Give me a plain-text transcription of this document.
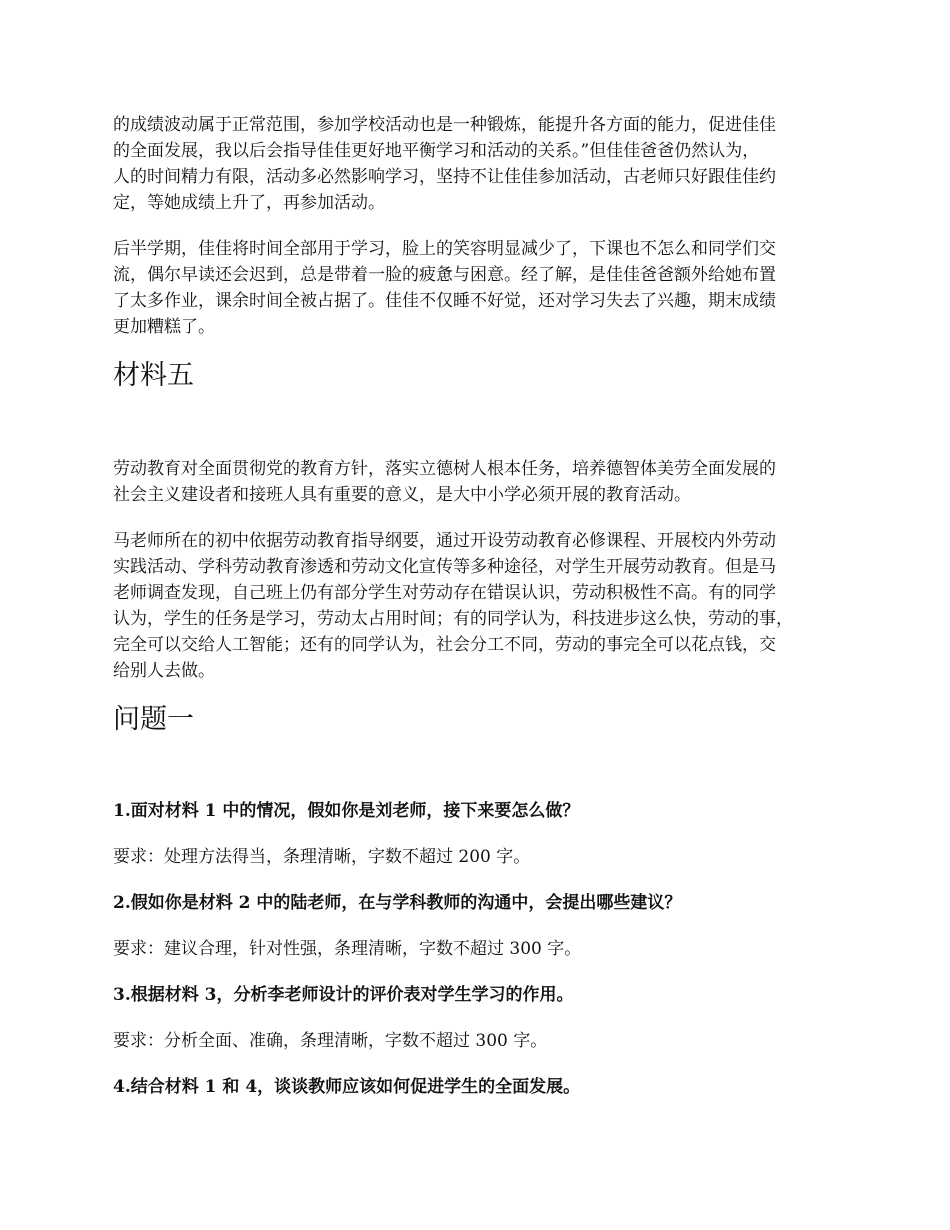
的成绩波动属于正常范围，参加学校活动也是一种锻炼，能提升各方面的能力，促进佳佳
的全面发展，我以后会指导佳佳更好地平衡学习和活动的关系。”但佳佳爸爸仍然认为，
人的时间精力有限，活动多必然影响学习，坚持不让佳佳参加活动，古老师只好跟佳佳约
定，等她成绩上升了，再参加活动。
后半学期，佳佳将时间全部用于学习，脸上的笑容明显减少了，下课也不怎么和同学们交
流，偶尔早读还会迟到，总是带着一脸的疲惫与困意。经了解，是佳佳爸爸额外给她布置
了太多作业，课余时间全被占据了。佳佳不仅睡不好觉，还对学习失去了兴趣，期末成绩
更加糟糕了。
材料五
劳动教育对全面贯彻党的教育方针，落实立德树人根本任务，培养德智体美劳全面发展的
社会主义建设者和接班人具有重要的意义，是大中小学必须开展的教育活动。
马老师所在的初中依据劳动教育指导纲要，通过开设劳动教育必修课程、开展校内外劳动
实践活动、学科劳动教育渗透和劳动文化宣传等多种途径，对学生开展劳动教育。但是马
老师调查发现，自己班上仍有部分学生对劳动存在错误认识，劳动积极性不高。有的同学
认为，学生的任务是学习，劳动太占用时间；有的同学认为，科技进步这么快，劳动的事，
完全可以交给人工智能；还有的同学认为，社会分工不同，劳动的事完全可以花点钱，交
给别人去做。
问题一

1.面对材料 1 中的情况，假如你是刘老师，接下来要怎么做？

要求：处理方法得当，条理清晰，字数不超过 200 字。

2.假如你是材料 2 中的陆老师，在与学科教师的沟通中，会提出哪些建议？

要求：建议合理，针对性强，条理清晰，字数不超过 300 字。

3.根据材料 3，分析李老师设计的评价表对学生学习的作用。

要求：分析全面、准确，条理清晰，字数不超过 300 字。

4.结合材料 1 和 4，谈谈教师应该如何促进学生的全面发展。
